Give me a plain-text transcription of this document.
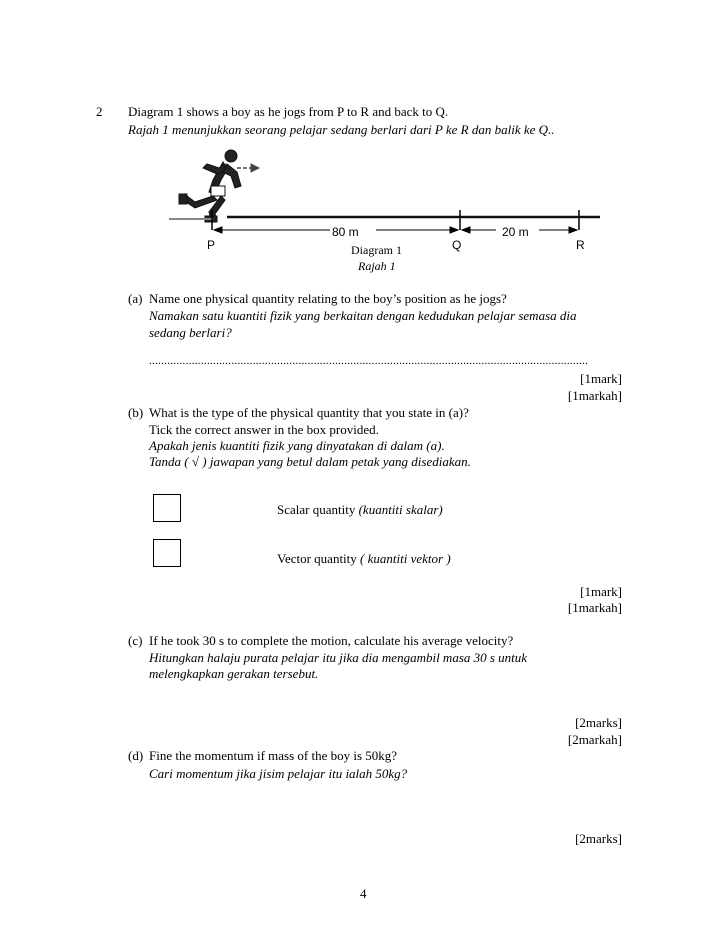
2 Diagram 1 shows a boy as he jogs from P to R and back to Q.
Rajah 1 menunjukkan seorang pelajar sedang berlari dari P ke R dan balik ke Q..
80 m	20 m
P	Q	R
Diagram 1
Rajah 1
(a) Name one physical quantity relating to the boy’s position as he jogs?
Namakan satu kuantiti fizik yang berkaitan dengan kedudukan pelajar semasa dia
sedang berlari?
................................................................................................................................................
[1mark]
[1markah]
(b) What is the type of the physical quantity that you state in (a)?
Tick the correct answer in the box provided.
Apakah jenis kuantiti fizik yang dinyatakan di dalam (a).
Tanda ( √ ) jawapan yang betul dalam petak yang disediakan.
Scalar quantity (kuantiti skalar)
Vector quantity ( kuantiti vektor )
[1mark]
[1markah]
(c) If he took 30 s to complete the motion, calculate his average velocity?
Hitungkan halaju purata pelajar itu jika dia mengambil masa 30 s untuk
melengkapkan gerakan tersebut.
[2marks]
[2markah]
(d) Fine the momentum if mass of the boy is 50kg?
Cari momentum jika jisim pelajar itu ialah 50kg?
[2marks]
4
